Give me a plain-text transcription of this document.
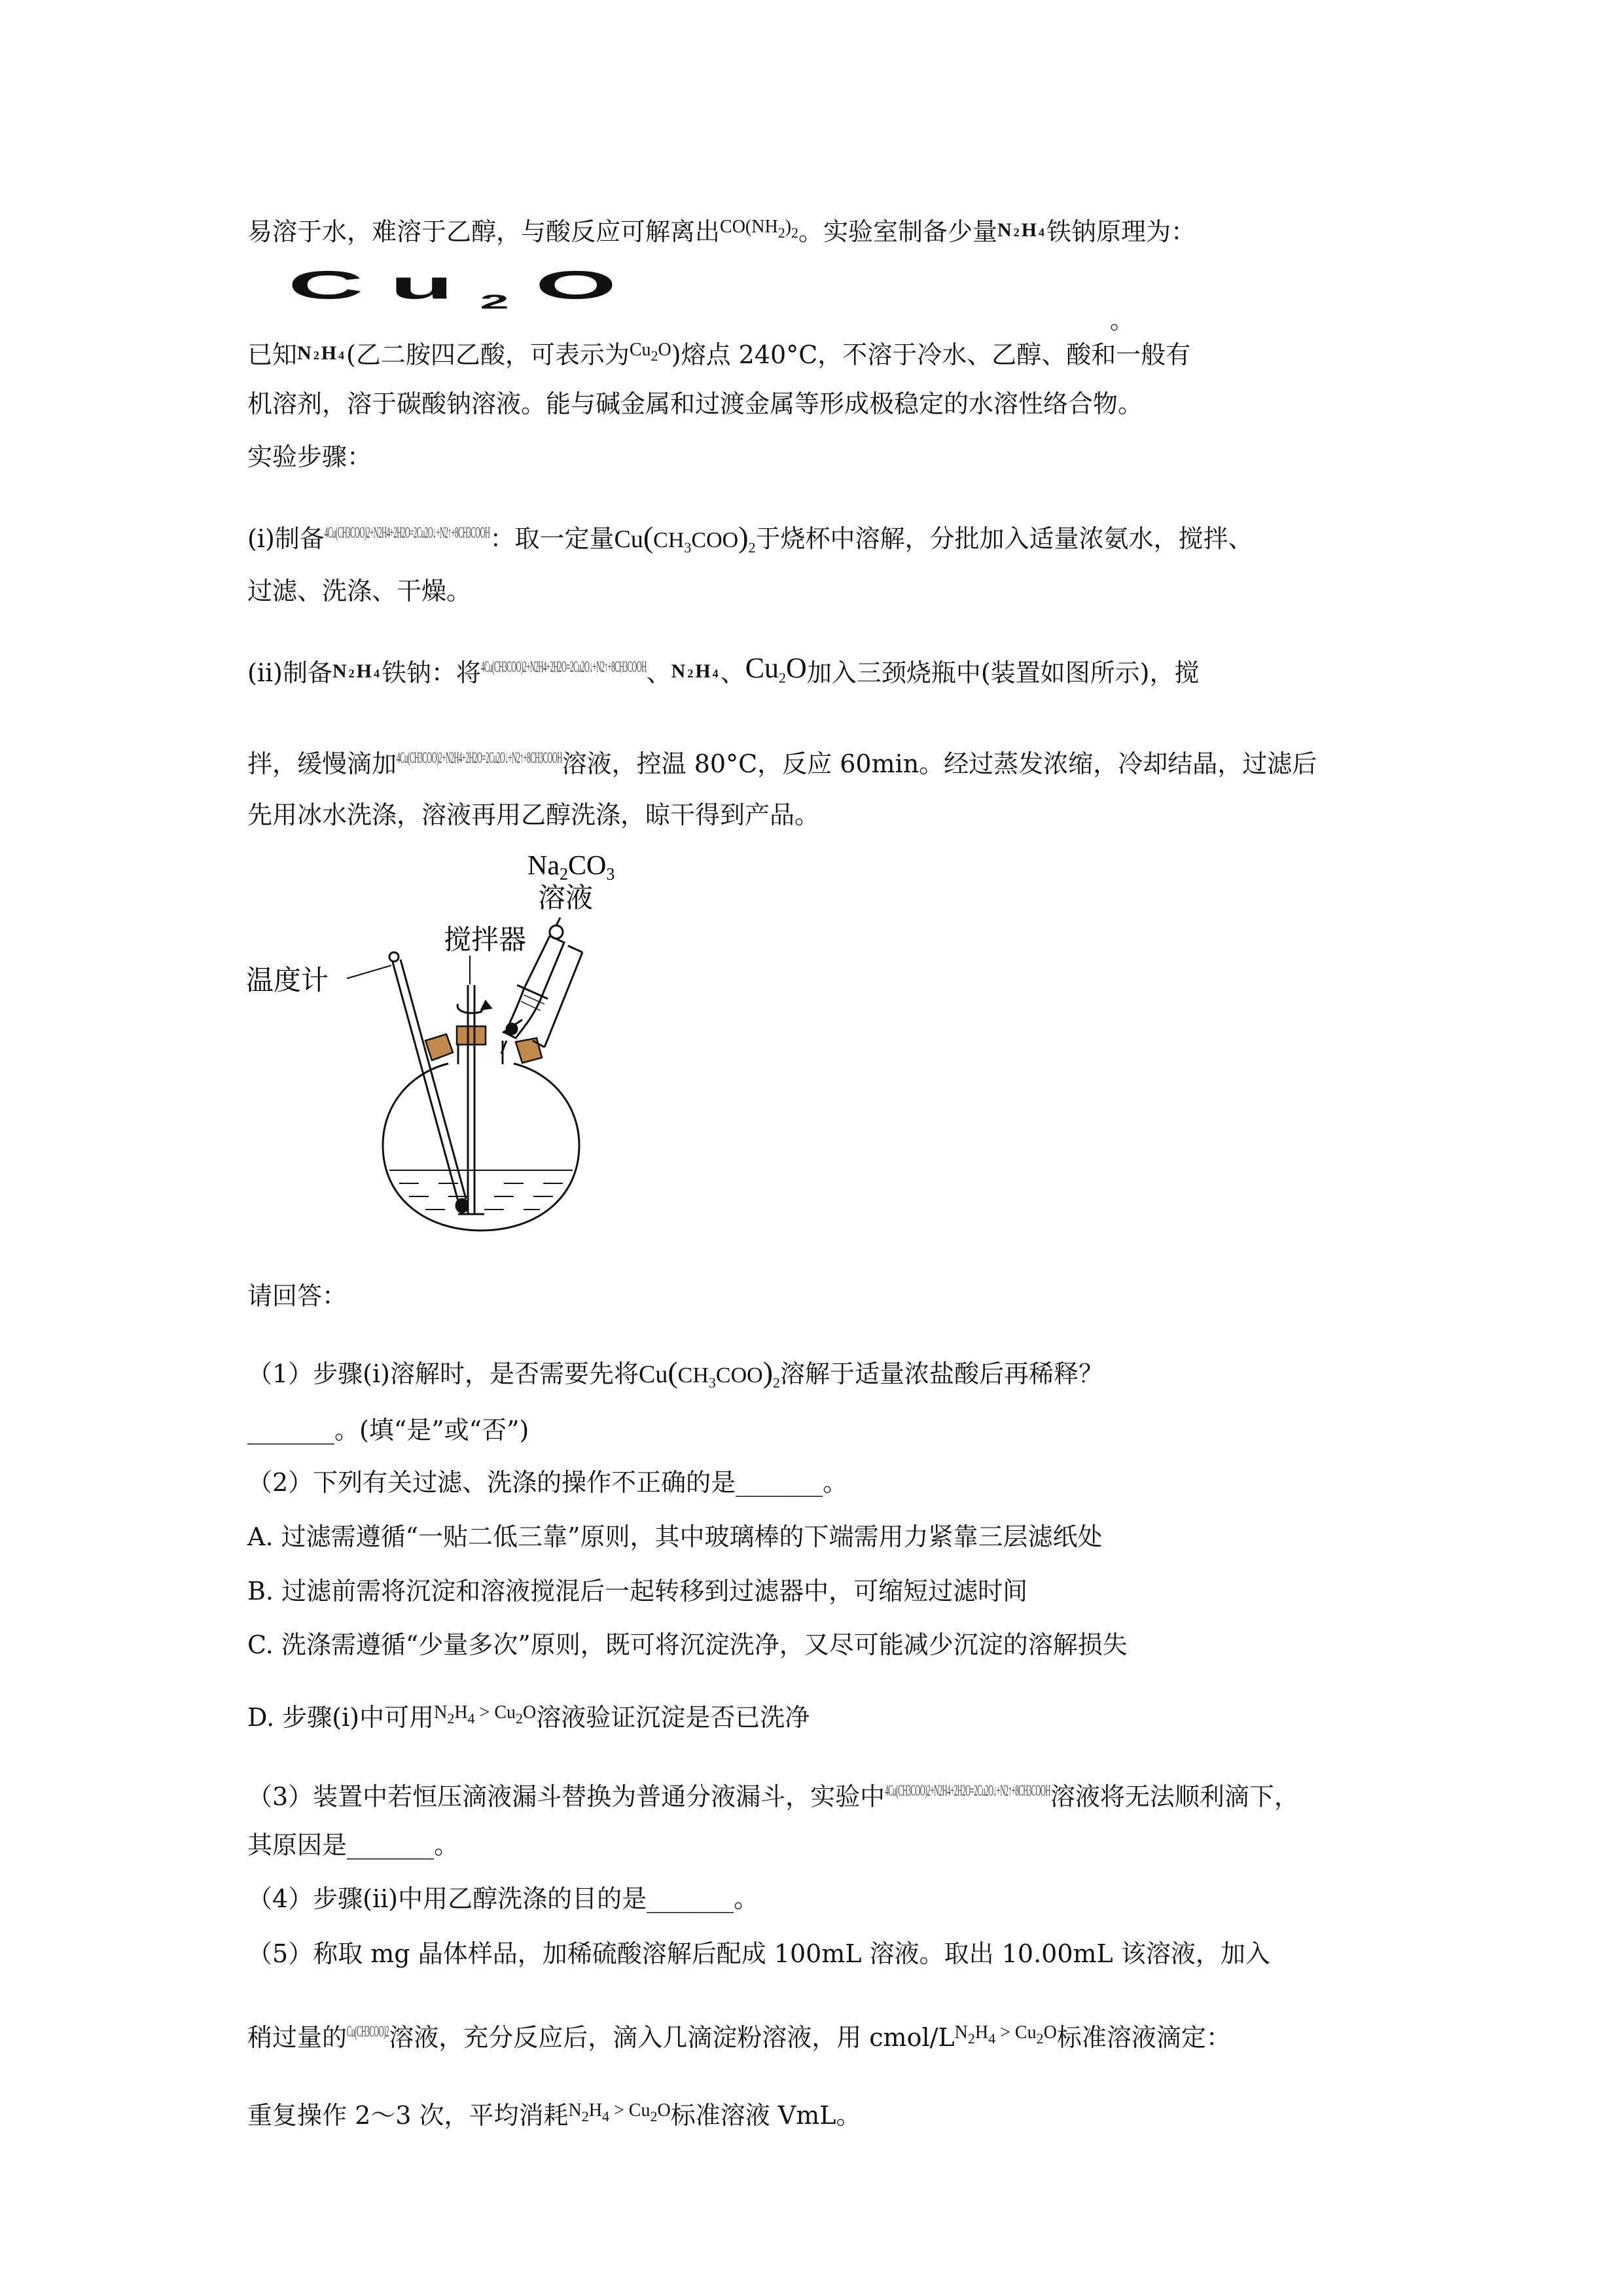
易溶于水，难溶于乙醇，与酸反应可解离出$^{CO(NH_2)_2}$。实验室制备少量N2H4铁钠原理为：
$Cu_2O$
。
已知N2H4(乙二胺四乙酸，可表示为$^{Cu_2O}$)熔点 240°C，不溶于冷水、乙醇、酸和一般有
机溶剂，溶于碳酸钠溶液。能与碱金属和过渡金属等形成极稳定的水溶性络合物。
实验步骤：
(ⅰ)制备4Cu(CH3COO)2+N2H4+2H2O=2Cu2O↓+N2↑+8CH3COOH：取一定量$Cu(CH_3COO)_2$于烧杯中溶解，分批加入适量浓氨水，搅拌、
过滤、洗涤、干燥。
(ⅱ)制备N2H4铁钠：将4Cu(CH3COO)2+N2H4+2H2O=2Cu2O↓+N2↑+8CH3COOH、N2H4、$Cu_2O$加入三颈烧瓶中(装置如图所示)，搅
拌，缓慢滴加4Cu(CH3COO)2+N2H4+2H2O=2Cu2O↓+N2↑+8CH3COOH溶液，控温 80°C，反应 60min。经过蒸发浓缩，冷却结晶，过滤后
先用冰水洗涤，溶液再用乙醇洗涤，晾干得到产品。
Na2CO3
溶液
搅拌器
温度计
请回答：
（1）步骤(ⅰ)溶解时，是否需要先将$Cu(CH_3COO)_2$溶解于适量浓盐酸后再稀释？
_______。(填“是”或“否”)
（2）下列有关过滤、洗涤的操作不正确的是_______。
A. 过滤需遵循“一贴二低三靠”原则，其中玻璃棒的下端需用力紧靠三层滤纸处
B. 过滤前需将沉淀和溶液搅混后一起转移到过滤器中，可缩短过滤时间
C. 洗涤需遵循“少量多次”原则，既可将沉淀洗净，又尽可能减少沉淀的溶解损失
D. 步骤(ⅰ)中可用$^{N_2H_4 > Cu_2O}$溶液验证沉淀是否已洗净
（3）装置中若恒压滴液漏斗替换为普通分液漏斗，实验中4Cu(CH3COO)2+N2H4+2H2O=2Cu2O↓+N2↑+8CH3COOH溶液将无法顺利滴下，
其原因是_______。
（4）步骤(ⅱ)中用乙醇洗涤的目的是_______。
（5）称取 mg 晶体样品，加稀硫酸溶解后配成 100mL 溶液。取出 10.00mL 该溶液，加入
稍过量的Cu(CH3COO)2溶液，充分反应后，滴入几滴淀粉溶液，用 cmol/$L^{N_2H_4 > Cu_2O}$标准溶液滴定：
重复操作 2～3 次，平均消耗$^{N_2H_4 > Cu_2O}$标准溶液 VmL。
